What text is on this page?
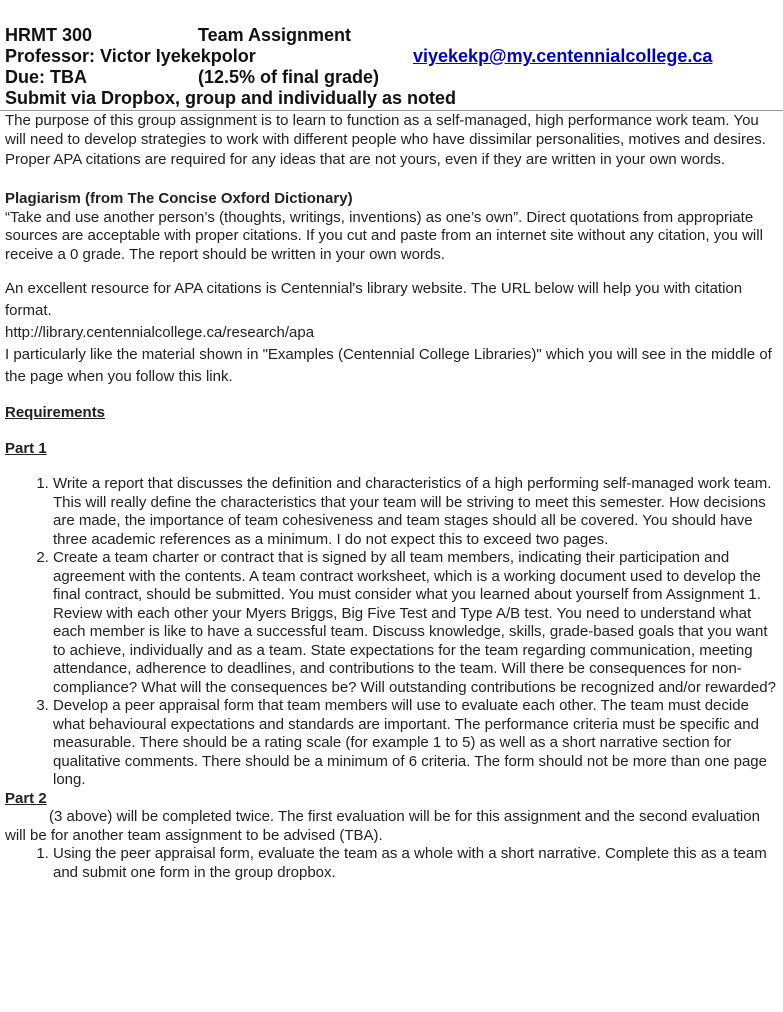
HRMT 300	Team Assignment
Professor: Victor Iyekekpolor	viyekekp@my.centennialcollege.ca
Due: TBA	(12.5% of final grade)
Submit via Dropbox, group and individually as noted

The purpose of this group assignment is to learn to function as a self-managed, high performance work team. You will need to develop strategies to work with different people who have dissimilar personalities, motives and desires.

Proper APA citations are required for any ideas that are not yours, even if they are written in your own words.

Plagiarism (from The Concise Oxford Dictionary)

“Take and use another person’s (thoughts, writings, inventions) as one’s own”. Direct quotations from appropriate sources are acceptable with proper citations. If you cut and paste from an internet site without any citation, you will receive a 0 grade. The report should be written in your own words.

An excellent resource for APA citations is Centennial's library website. The URL below will help you with citation format.

http://library.centennialcollege.ca/research/apa

I particularly like the material shown in "Examples (Centennial College Libraries)" which you will see in the middle of the page when you follow this link.

Requirements

Part 1

1. Write a report that discusses the definition and characteristics of a high performing self-managed work team. This will really define the characteristics that your team will be striving to meet this semester. How decisions are made, the importance of team cohesiveness and team stages should all be covered. You should have three academic references as a minimum. I do not expect this to exceed two pages.
2. Create a team charter or contract that is signed by all team members, indicating their participation and agreement with the contents. A team contract worksheet, which is a working document used to develop the final contract, should be submitted. You must consider what you learned about yourself from Assignment 1. Review with each other your Myers Briggs, Big Five Test and Type A/B test. You need to understand what each member is like to have a successful team. Discuss knowledge, skills, grade-based goals that you want to achieve, individually and as a team. State expectations for the team regarding communication, meeting attendance, adherence to deadlines, and contributions to the team. Will there be consequences for non-compliance? What will the consequences be? Will outstanding contributions be recognized and/or rewarded?
3. Develop a peer appraisal form that team members will use to evaluate each other. The team must decide what behavioural expectations and standards are important. The performance criteria must be specific and measurable. There should be a rating scale (for example 1 to 5) as well as a short narrative section for qualitative comments. There should be a minimum of 6 criteria. The form should not be more than one page long.

Part 2

(3 above) will be completed twice. The first evaluation will be for this assignment and the second evaluation will be for another team assignment to be advised (TBA).

1. Using the peer appraisal form, evaluate the team as a whole with a short narrative. Complete this as a team and submit one form in the group dropbox.
